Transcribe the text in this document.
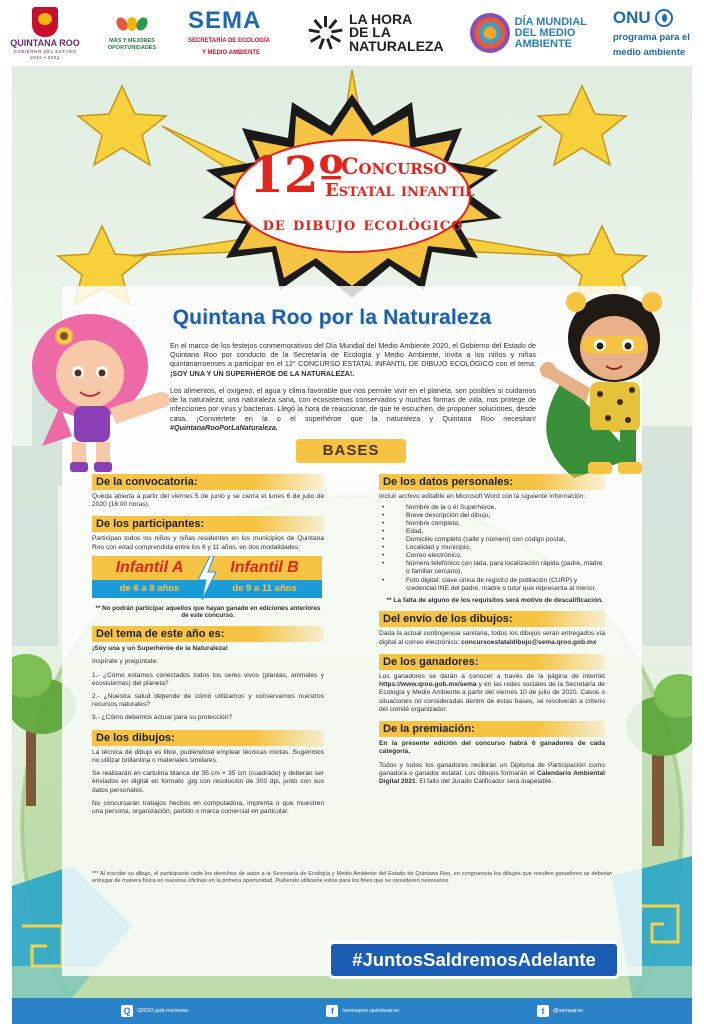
QUINTANA ROO
GOBIERNO DEL ESTADO
2016 • 2022
MÁS Y MEJORES
OPORTUNIDADES
SEMA
SECRETARÍA DE ECOLOGÍA
Y MEDIO AMBIENTE
LA HORA
DE LA
NATURALEZA
DÍA MUNDIAL
DEL MEDIO
AMBIENTE
ONU
programa para el
medio ambiente
12º
Concurso
Estatal infantil
de dibujo ecológico
Quintana Roo por la Naturaleza

En el marco de los festejos conmemorativos del Día Mundial del Medio Ambiente 2020, el Gobierno del Estado de Quintana Roo por conducto de la Secretaría de Ecología y Medio Ambiente, invita a los niños y niñas quintanarroenses a participar en el 12° CONCURSO ESTATAL INFANTIL DE DIBUJO ECOLÓGICO con el tema: ¡SOY UNA Y UN SUPERHÉROE DE LA NATURALEZA!.

Los alimentos, el oxígeno, el agua y clima favorable que nos permite vivir en el planeta, son posibles si cuidamos de la naturaleza; una naturaleza sana, con ecosistemas conservados y muchas formas de vida, nos protege de infecciones por virus y bacterias. Llegó la hora de reaccionar, de que te escuchen, de proponer soluciones, desde casa. ¡Conviértete en la o el superhéroe que la naturaleza y Quintana Roo necesitan! #QuintanaRooPorLaNaturaleza.

BASES
De la convocatoria:
Queda abierta a partir del viernes 5 de junio y se cierra el lunes 6 de julio de 2020 (16:00 horas).
De los participantes:
Participan todos los niños y niñas residentes en los municipios de Quintana Roo con edad comprendida entre los 6 y 11 años, en dos modalidades:
Infantil A
de 6 a 8 años
Infantil B
de 9 a 11 años
** No podrán participar aquellos que hayan ganado en ediciones anteriores de este concurso.
Del tema de este año es:

¡Soy una y un Superhéroe de la Naturaleza!

Inspírate y pregúntate:

1.- ¿Cómo estamos conectados todos los seres vivos (plantas, animales y ecosistemas) del planeta?

2.- ¿Nuestra salud depende de cómo utilizamos y conservamos nuestros recursos naturales?

3.- ¿Cómo debemos actuar para su protección?

De los dibujos:

La técnica de dibujo es libre, pudiéndose emplear técnicas mixtas. Sugerimos no utilizar brillantina o materiales similares.

Se realizarán en cartulina blanca de 35 cm × 35 cm (cuadrado) y deberán ser enviados en digital en formato .jpg con resolución de 300 dpi, junto con sus datos personales.

No concursarán trabajos hechos en computadora, imprenta o que muestren una persona, organización, partido o marca comercial en particular.

De los datos personales:
Incluir archivo editable en Microsoft Word con la siguiente información:
• Nombre de la o él Superhéroe,
• Breve descripción del dibujo,
• Nombre completo,
• Edad,
• Domicilio completo (calle y número) con código postal,
• Localidad y municipio,
• Correo electrónico,
• Número telefónico con lada, para localización rápida (padre, madre o familiar cercano).
• Foto digital: clave única de registro de población (CURP) y credencial INE del padre, madre o tutor que representa al menor.
** La falta de alguno de los requisitos será motivo de descalificación.
Del envío de los dibujos:
Dada la actual contingencia sanitaria, todos los dibujos serán entregados vía digital al correo electrónico: concursoestataldibujo@sema.qroo.gob.mx
De los ganadores:
Los ganadores se darán a conocer a través de la página de internet https://www.qroo.gob.mx/sema y en las redes sociales de la Secretaría de Ecología y Medio Ambiente a partir del viernes 10 de julio de 2020. Casos o situaciones no consideradas dentro de estas bases, se resolverán a criterio del comité organizador.
De la premiación:

En la presente edición del concurso habrá 6 ganadores de cada categoría.

Todos y todos los ganadores recibirán un Diploma de Participación como ganadora o ganador estatal. Los dibujos formarán el Calendario Ambiental Digital 2021. El fallo del Jurado Calificador será inapelable.

*** Al inscribir su dibujo, el participante cede los derechos de autor a la Secretaría de Ecología y Medio Ambiente del Estado de Quintana Roo, en congruencia los dibujos que resulten ganadores se deberán entregar de manera física en nuestras oficinas en la primera oportunidad. Pudiendo utilizarse estos para los fines que se consideren necesarios.
#JuntosSaldremosAdelante
Q	QROO.gob.mx/sema	f	/semaqroo.quintanaroo	t	@semaqroo
